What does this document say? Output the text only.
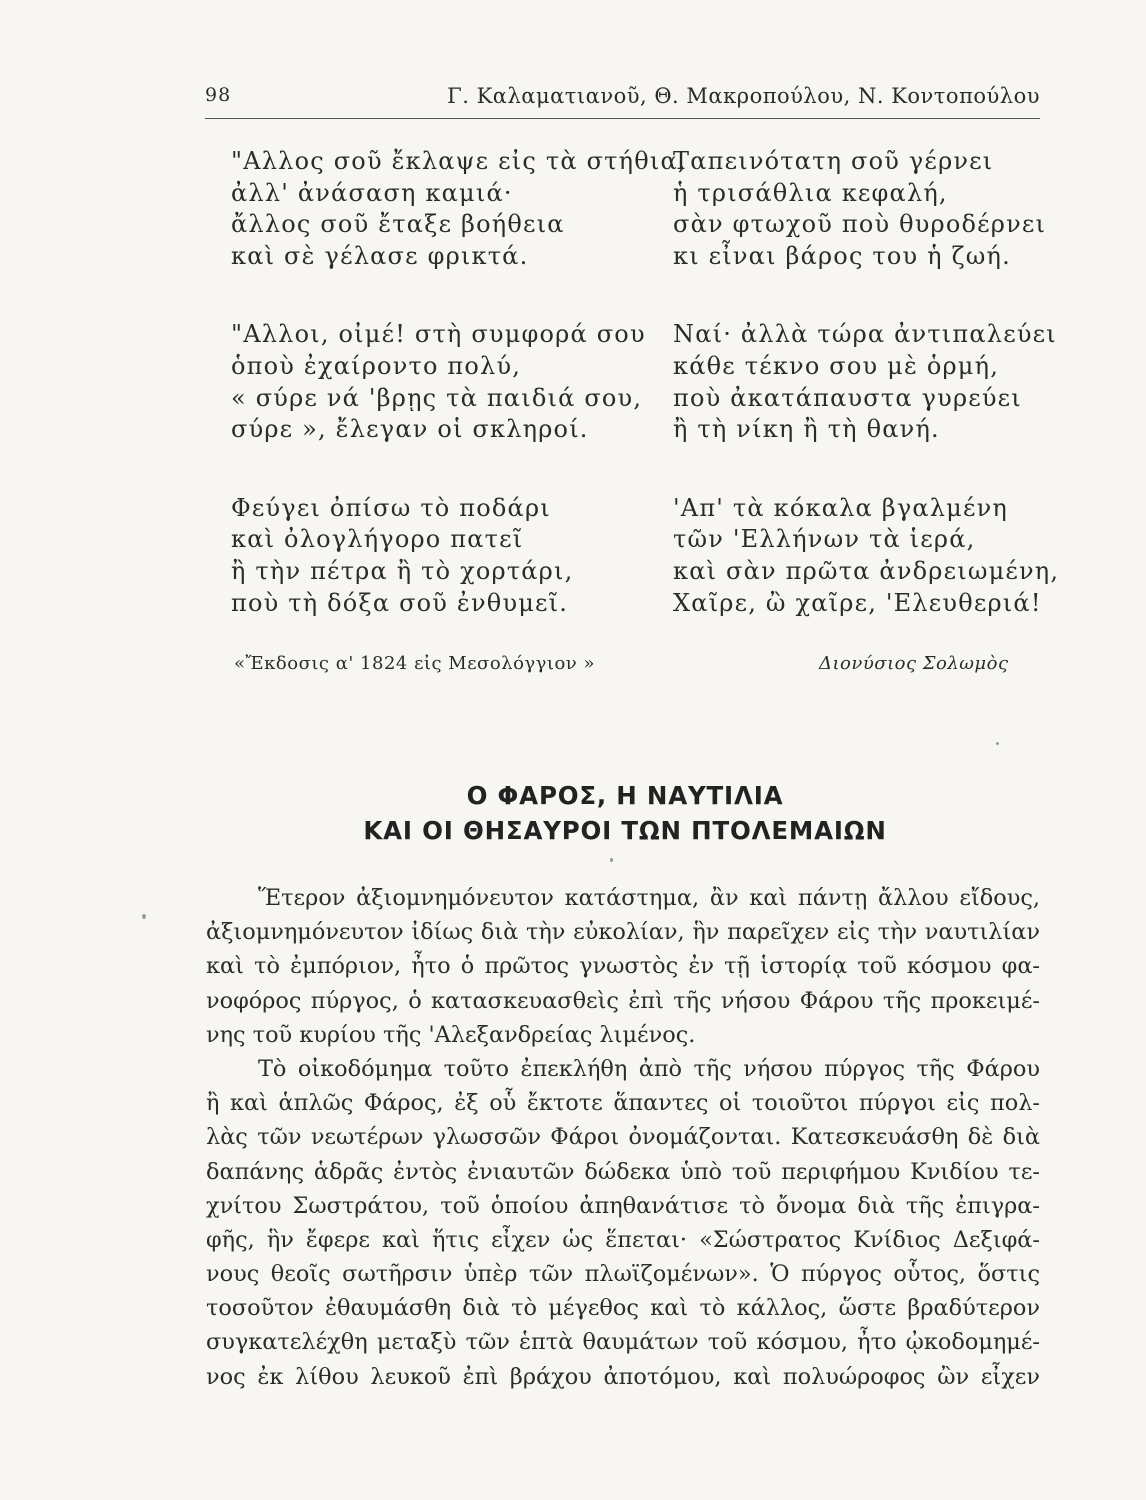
98	Γ. Καλαματιανοῦ, Θ. Μακροπούλου, Ν. Κοντοπούλου
"Αλλος σοῦ ἔκλαψε εἰς τὰ στήθια,
ἀλλ' ἀνάσαση καμιά·
ἄλλος σοῦ ἔταξε βοήθεια
καὶ σὲ γέλασε φρικτά.
"Αλλοι, οἰμέ! στὴ συμφορά σου
ὁποὺ ἐχαίροντο πολύ,
« σύρε νά 'βρῃς τὰ παιδιά σου,
σύρε », ἔλεγαν οἱ σκληροί.
Φεύγει ὀπίσω τὸ ποδάρι
καὶ ὀλογλήγορο πατεῖ
ἢ τὴν πέτρα ἢ τὸ χορτάρι,
ποὺ τὴ δόξα σοῦ ἐνθυμεῖ.
Ταπεινότατη σοῦ γέρνει
ἡ τρισάθλια κεφαλή,
σὰν φτωχοῦ ποὺ θυροδέρνει
κι εἶναι βάρος του ἡ ζωή.
Ναί· ἀλλὰ τώρα ἀντιπαλεύει
κάθε τέκνο σου μὲ ὁρμή,
ποὺ ἀκατάπαυστα γυρεύει
ἢ τὴ νίκη ἢ τὴ θανή.
'Απ' τὰ κόκαλα βγαλμένη
τῶν 'Ελλήνων τὰ ἱερά,
καὶ σὰν πρῶτα ἀνδρειωμένη,
Χαῖρε, ὢ χαῖρε, 'Ελευθεριά!
«Ἔκδοσις α' 1824 εἰς Μεσολόγγιον »	Διονύσιος Σολωμὸς
Ο ΦΑΡΟΣ, Η ΝΑΥΤΙΛΙΑ
ΚΑΙ ΟΙ ΘΗΣΑΥΡΟΙ ΤΩΝ ΠΤΟΛΕΜΑΙΩΝ
Ἕτερον ἀξιομνημόνευτον κατάστημα, ἂν καὶ πάντῃ ἄλλου εἴδους,
ἀξιομνημόνευτον ἰδίως διὰ τὴν εὐκολίαν, ἣν παρεῖχεν εἰς τὴν ναυτιλίαν
καὶ τὸ ἐμπόριον, ἦτο ὁ πρῶτος γνωστὸς ἐν τῇ ἱστορίᾳ τοῦ κόσμου φα-
νοφόρος πύργος, ὁ κατασκευασθεὶς ἐπὶ τῆς νήσου Φάρου τῆς προκειμέ-
νης τοῦ κυρίου τῆς 'Αλεξανδρείας λιμένος.
Τὸ οἰκοδόμημα τοῦτο ἐπεκλήθη ἀπὸ τῆς νήσου πύργος τῆς Φάρου
ἢ καὶ ἁπλῶς Φάρος, ἐξ οὗ ἔκτοτε ἅπαντες οἱ τοιοῦτοι πύργοι εἰς πολ-
λὰς τῶν νεωτέρων γλωσσῶν Φάροι ὀνομάζονται. Κατεσκευάσθη δὲ διὰ
δαπάνης ἁδρᾶς ἐντὸς ἐνιαυτῶν δώδεκα ὑπὸ τοῦ περιφήμου Κνιδίου τε-
χνίτου Σωστράτου, τοῦ ὁποίου ἀπηθανάτισε τὸ ὄνομα διὰ τῆς ἐπιγρα-
φῆς, ἣν ἔφερε καὶ ἥτις εἶχεν ὡς ἕπεται· «Σώστρατος Κνίδιος Δεξιφά-
νους θεοῖς σωτῆρσιν ὑπὲρ τῶν πλωϊζομένων». Ὁ πύργος οὗτος, ὅστις
τοσοῦτον ἐθαυμάσθη διὰ τὸ μέγεθος καὶ τὸ κάλλος, ὥστε βραδύτερον
συγκατελέχθη μεταξὺ τῶν ἑπτὰ θαυμάτων τοῦ κόσμου, ἦτο ᾠκοδομημέ-
νος ἐκ λίθου λευκοῦ ἐπὶ βράχου ἀποτόμου, καὶ πολυώροφος ὢν εἶχεν
